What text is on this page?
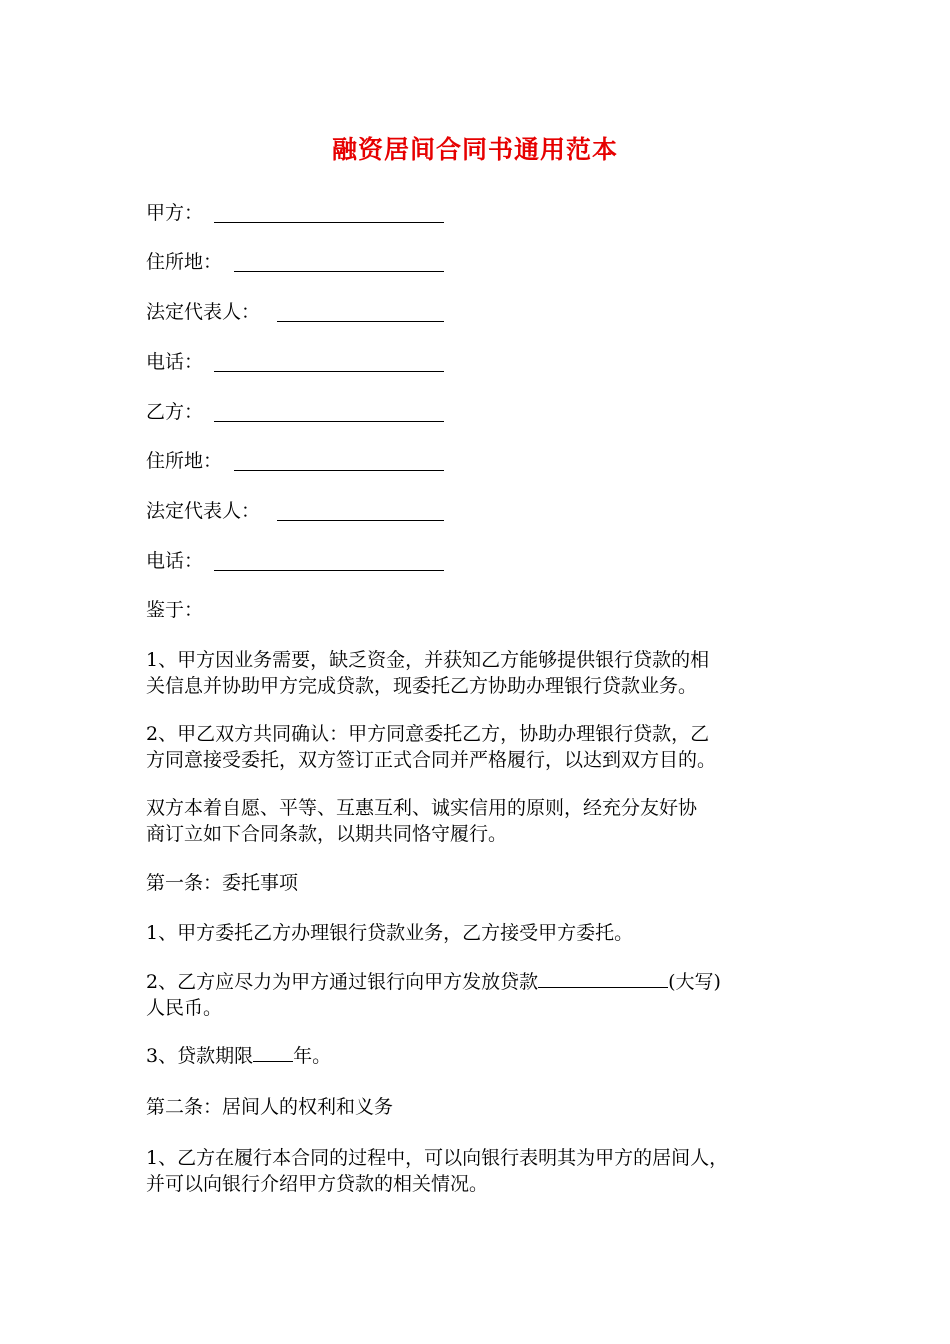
融资居间合同书通用范本
甲方：
住所地：
法定代表人：
电话：
乙方：
住所地：
法定代表人：
电话：

鉴于：

1、甲方因业务需要，缺乏资金，并获知乙方能够提供银行贷款的相
关信息并协助甲方完成贷款，现委托乙方协助办理银行贷款业务。

2、甲乙双方共同确认：甲方同意委托乙方，协助办理银行贷款，乙
方同意接受委托，双方签订正式合同并严格履行，以达到双方目的。

双方本着自愿、平等、互惠互利、诚实信用的原则，经充分友好协
商订立如下合同条款，以期共同恪守履行。

第一条：委托事项

1、甲方委托乙方办理银行贷款业务，乙方接受甲方委托。

2、乙方应尽力为甲方通过银行向甲方发放贷款	(大写)
人民币。

3、贷款期限 年。

第二条：居间人的权利和义务

1、乙方在履行本合同的过程中，可以向银行表明其为甲方的居间人，
并可以向银行介绍甲方贷款的相关情况。
